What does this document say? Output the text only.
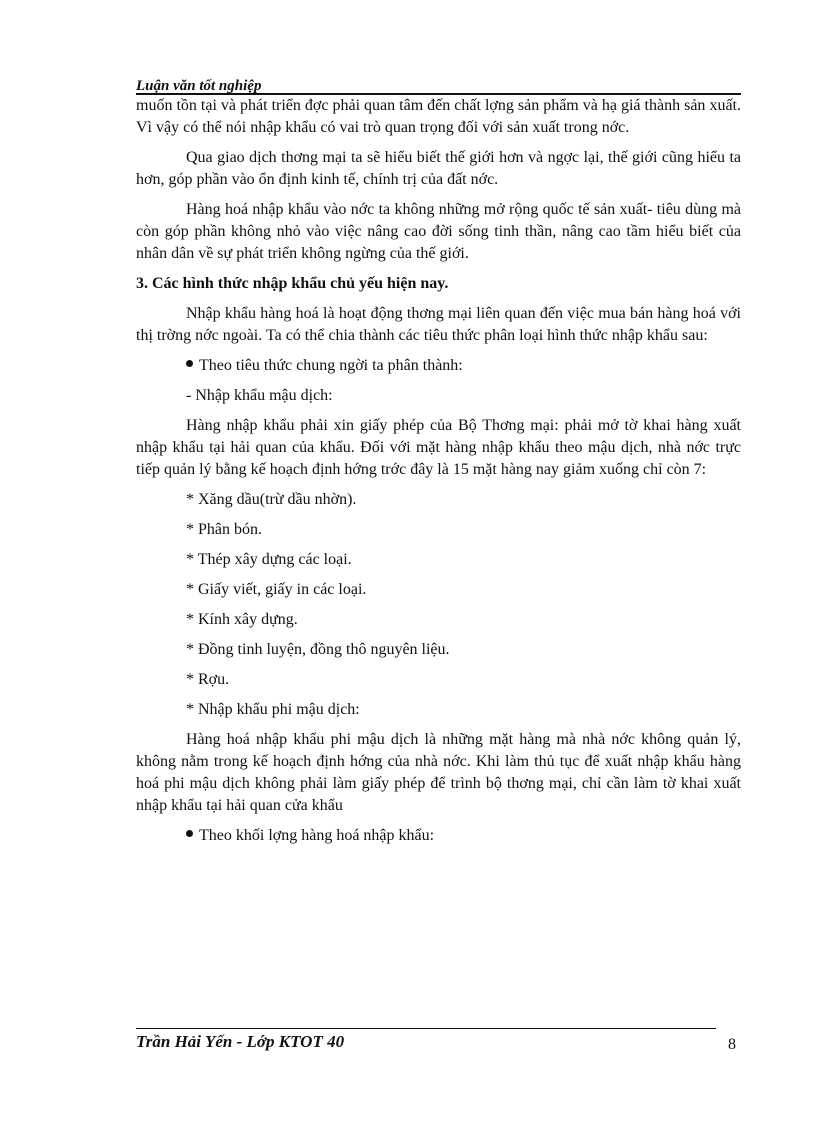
Luận văn tốt nghiệp

muốn tồn tại và phát triển đợc phải quan tâm đến chất lợng sản phẩm và hạ giá thành sản xuất. Vì vậy có thể nói nhập khẩu có vai trò quan trọng đối với sản xuất trong nớc.

Qua giao dịch thơng mại ta sẽ hiểu biết thế giới hơn và ngợc lại, thế giới cũng hiểu ta hơn, góp phần vào ổn định kinh tế, chính trị của đất nớc.

Hàng hoá nhập khẩu vào nớc ta không những mở rộng quốc tế sản xuất- tiêu dùng mà còn góp phần không nhỏ vào việc nâng cao đời sống tinh thần, nâng cao tầm hiểu biết của nhân dân về sự phát triển không ngừng của thế giới.

3. Các hình thức nhập khẩu chủ yếu hiện nay.

Nhập khẩu hàng hoá là hoạt động thơng mại liên quan đến việc mua bán hàng hoá với thị trờng nớc ngoài. Ta có thể chia thành các tiêu thức phân loại hình thức nhập khẩu sau:

Theo tiêu thức chung ngời ta phân thành:

- Nhập khẩu mậu dịch:

Hàng nhập khẩu phải xin giấy phép của Bộ Thơng mại: phải mở tờ khai hàng xuất nhập khẩu tại hải quan của khẩu. Đối với mặt hàng nhập khẩu theo mậu dịch, nhà nớc trực tiếp quản lý bằng kế hoạch định hớng trớc đây là 15 mặt hàng nay giảm xuống chỉ còn 7:

* Xăng dầu(trừ dầu nhờn).

* Phân bón.

* Thép xây dựng các loại.

* Giấy viết, giấy in các loại.

* Kính xây dựng.

* Đồng tinh luyện, đồng thô nguyên liệu.

* Rợu.

* Nhập khẩu phi mậu dịch:

Hàng hoá nhập khẩu phi mậu dịch là những mặt hàng mà nhà nớc không quản lý, không nằm trong kế hoạch định hớng của nhà nớc. Khi làm thủ tục để xuất nhập khẩu hàng hoá phi mậu dịch không phải làm giấy phép để trình bộ thơng mại, chỉ cần làm tờ khai xuất nhập khẩu tại hải quan cửa khẩu

Theo khối lợng hàng hoá nhập khẩu:
Trần Hải Yến - Lớp KTOT 40	8
